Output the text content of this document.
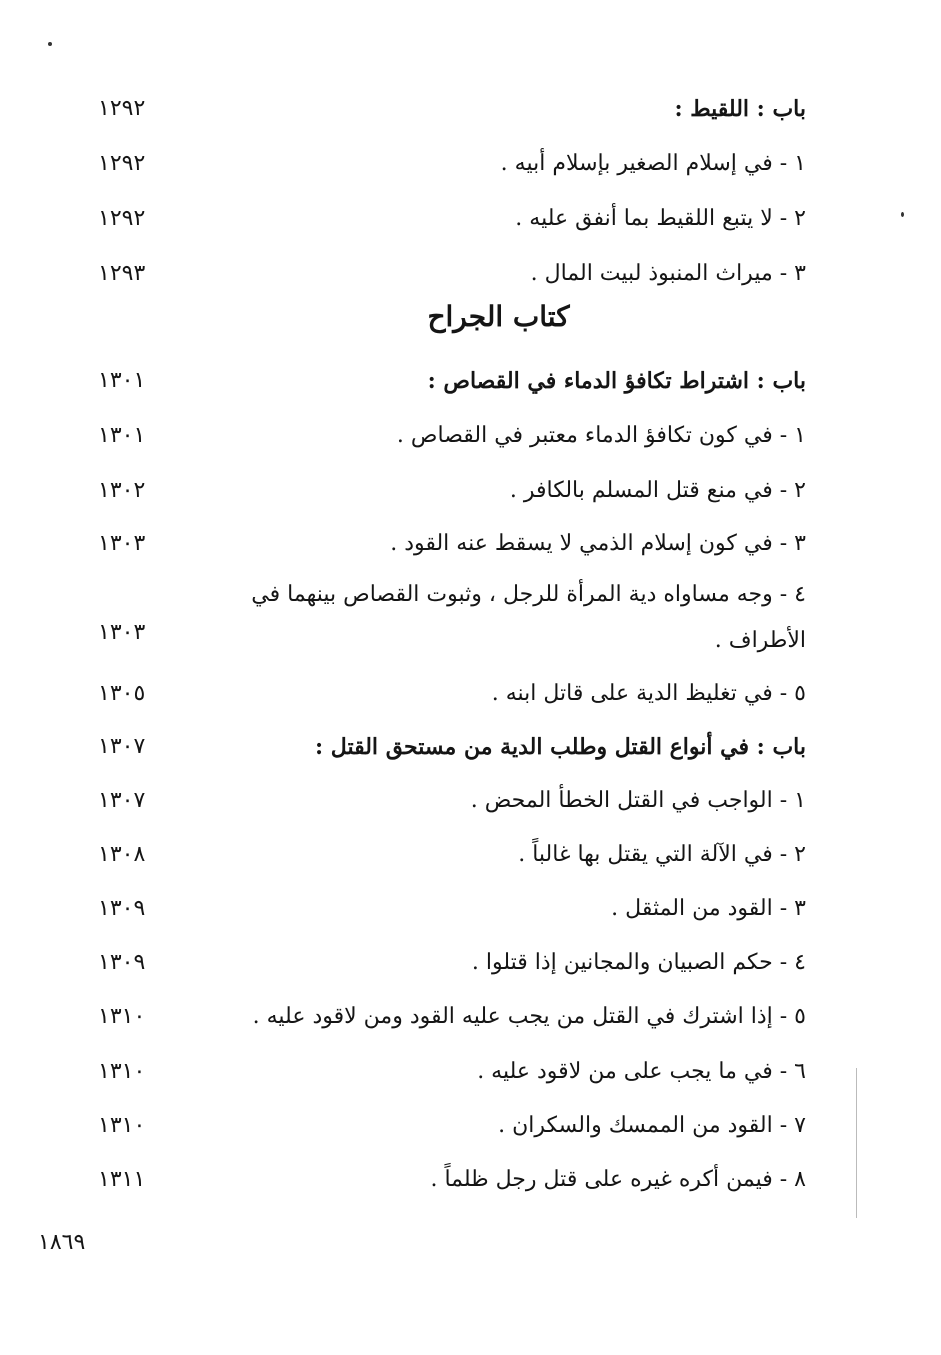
باب : اللقيط :
١٢٩٢
١ - في إسلام الصغير بإسلام أبيه .
١٢٩٢
٢ - لا يتبع اللقيط بما أنفق عليه .
١٢٩٢
٣ - ميراث المنبوذ لبيت المال .
١٢٩٣
كتاب الجراح
باب : اشتراط تكافؤ الدماء في القصاص :
١٣٠١
١ - في كون تكافؤ الدماء معتبر في القصاص .
١٣٠١
٢ - في منع قتل المسلم بالكافر .
١٣٠٢
٣ - في كون إسلام الذمي لا يسقط عنه القود .
١٣٠٣
٤ - وجه مساواه دية المرأة للرجل ، وثبوت القصاص بينهما في الأطراف .
١٣٠٣
٥ - في تغليظ الدية على قاتل ابنه .
١٣٠٥
باب : في أنواع القتل وطلب الدية من مستحق القتل :
١٣٠٧
١ - الواجب في القتل الخطأ المحض .
١٣٠٧
٢ - في الآلة التي يقتل بها غالباً .
١٣٠٨
٣ - القود من المثقل .
١٣٠٩
٤ - حكم الصبيان والمجانين إذا قتلوا .
١٣٠٩
٥ - إذا اشترك في القتل من يجب عليه القود ومن لاقود عليه .
١٣١٠
٦ - في ما يجب على من لاقود عليه .
١٣١٠
٧ - القود من الممسك والسكران .
١٣١٠
٨ - فيمن أكره غيره على قتل رجل ظلماً .
١٣١١
١٨٦٩
